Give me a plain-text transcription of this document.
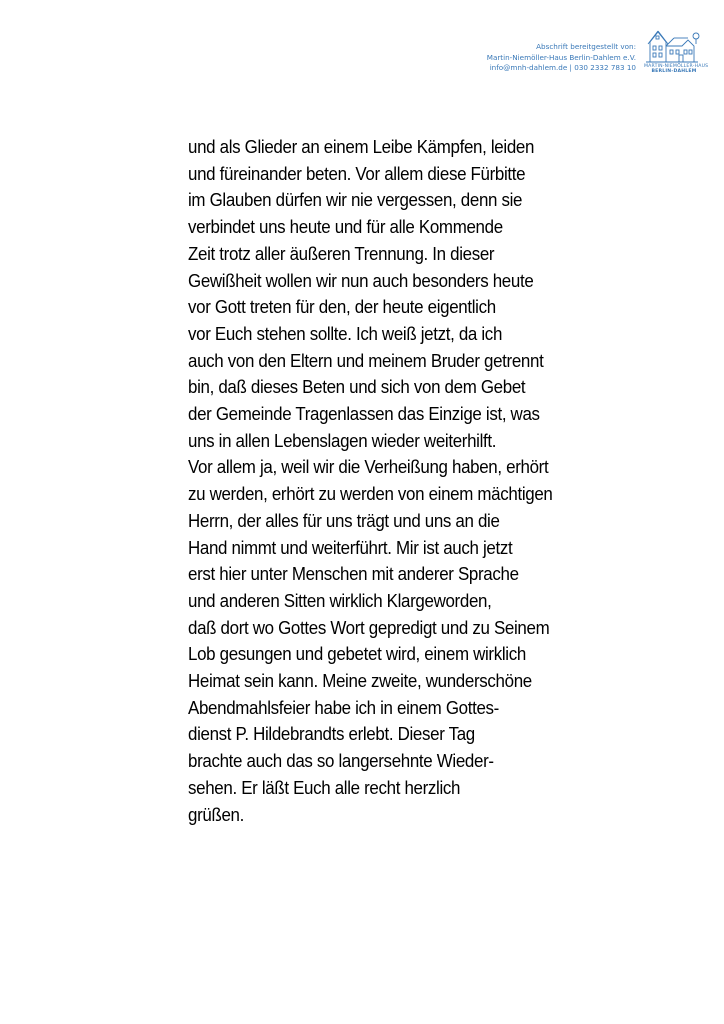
Abschrift bereitgestellt von:
Martin-Niemöller-Haus Berlin-Dahlem e.V.
info@mnh-dahlem.de | 030 2332 783 10 MARTIN-NIEMÖLLER-HAUS
BERLIN-DAHLEM
und als Glieder an einem Leibe Kämpfen, leiden
und füreinander beten. Vor allem diese Fürbitte
im Glauben dürfen wir nie vergessen, denn sie
verbindet uns heute und für alle Kommende
Zeit trotz aller äußeren Trennung. In dieser
Gewißheit wollen wir nun auch besonders heute
vor Gott treten für den, der heute eigentlich
vor Euch stehen sollte. Ich weiß jetzt, da ich
auch von den Eltern und meinem Bruder getrennt
bin, daß dieses Beten und sich von dem Gebet
der Gemeinde Tragenlassen das Einzige ist, was
uns in allen Lebenslagen wieder weiterhilft.
Vor allem ja, weil wir die Verheißung haben, erhört
zu werden, erhört zu werden von einem mächtigen
Herrn, der alles für uns trägt und uns an die
Hand nimmt und weiterführt. Mir ist auch jetzt
erst hier unter Menschen mit anderer Sprache
und anderen Sitten wirklich Klargeworden,
daß dort wo Gottes Wort gepredigt und zu Seinem
Lob gesungen und gebetet wird, einem wirklich
Heimat sein kann. Meine zweite, wunderschöne
Abendmahlsfeier habe ich in einem Gottes-
dienst P. Hildebrandts erlebt. Dieser Tag
brachte auch das so langersehnte Wieder-
sehen. Er läßt Euch alle recht herzlich
grüßen.
